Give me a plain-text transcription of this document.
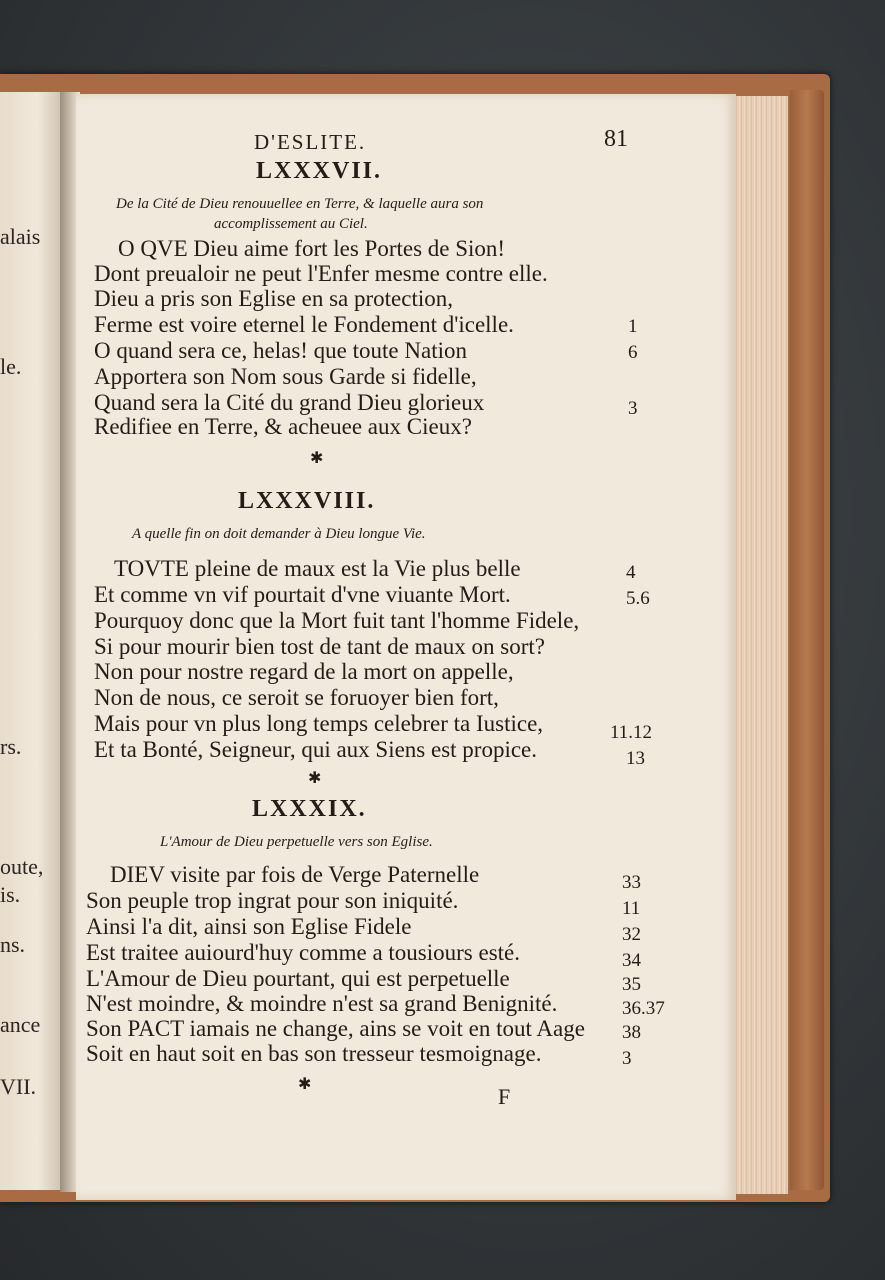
alais
le.
rs.
oute,
is.
ns.
ance
VII.
D'ESLITE.	81
LXXXVII.
De la Cité de Dieu renouuellee en Terre, & laquelle aura son
accomplissement au Ciel.
O QVE Dieu aime fort les Portes de Sion!
Dont preualoir ne peut l'Enfer mesme contre elle.
Dieu a pris son Eglise en sa protection,
Ferme est voire eternel le Fondement d'icelle.
O quand sera ce, helas! que toute Nation
Apportera son Nom sous Garde si fidelle,
Quand sera la Cité du grand Dieu glorieux
Redifiee en Terre, & acheuee aux Cieux?
1
6
3
✱
LXXXVIII.
A quelle fin on doit demander à Dieu longue Vie.
TOVTE pleine de maux est la Vie plus belle
Et comme vn vif pourtait d'vne viuante Mort.
Pourquoy donc que la Mort fuit tant l'homme Fidele,
Si pour mourir bien tost de tant de maux on sort?
Non pour nostre regard de la mort on appelle,
Non de nous, ce seroit se foruoyer bien fort,
Mais pour vn plus long temps celebrer ta Iustice,
Et ta Bonté, Seigneur, qui aux Siens est propice.
4
5.6
11.12
13
✱
LXXXIX.
L'Amour de Dieu perpetuelle vers son Eglise.
DIEV visite par fois de Verge Paternelle
Son peuple trop ingrat pour son iniquité.
Ainsi l'a dit, ainsi son Eglise Fidele
Est traitee auiourd'huy comme a tousiours esté.
L'Amour de Dieu pourtant, qui est perpetuelle
N'est moindre, & moindre n'est sa grand Benignité.
Son PACT iamais ne change, ains se voit en tout Aage
Soit en haut soit en bas son tresseur tesmoignage.
33
11
32
34
35
36.37
38
3
✱	F
